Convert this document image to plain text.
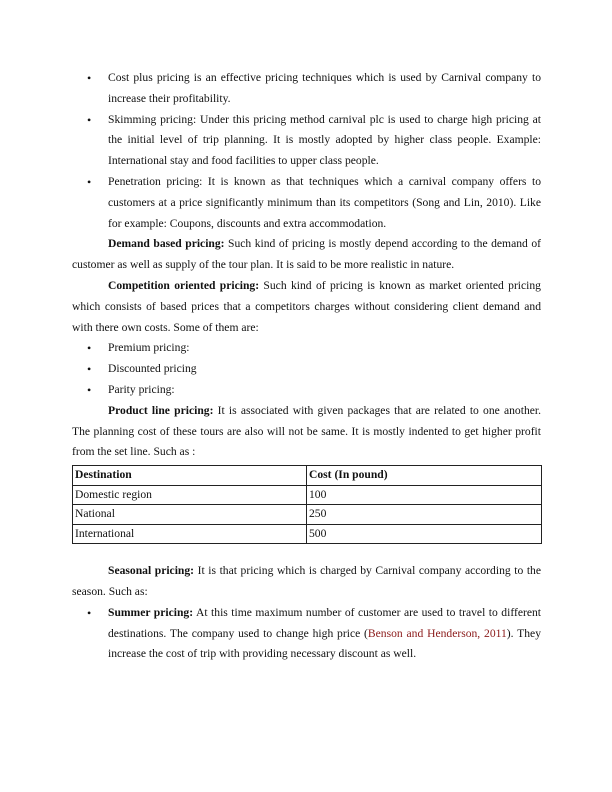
• Cost plus pricing is an effective pricing techniques which is used by Carnival company to increase their profitability.
• Skimming pricing: Under this pricing method carnival plc is used to charge high pricing at the initial level of trip planning. It is mostly adopted by higher class people. Example: International stay and food facilities to upper class people.
• Penetration pricing: It is known as that techniques which a carnival company offers to customers at a price significantly minimum than its competitors (Song and Lin, 2010). Like for example: Coupons, discounts and extra accommodation.

Demand based pricing: Such kind of pricing is mostly depend according to the demand of customer as well as supply of the tour plan. It is said to be more realistic in nature.

Competition oriented pricing: Such kind of pricing is known as market oriented pricing which consists of based prices that a competitors charges without considering client demand and with there own costs. Some of them are:

• Premium pricing:
• Discounted pricing
• Parity pricing:

Product line pricing: It is associated with given packages that are related to one another. The planning cost of these tours are also will not be same. It is mostly indented to get higher profit from the set line. Such as :

Destination	Cost (In pound)
Domestic region	100
National	250
International	500

Seasonal pricing: It is that pricing which is charged by Carnival company according to the season. Such as:

• Summer pricing: At this time maximum number of customer are used to travel to different destinations. The company used to change high price (Benson and Henderson, 2011). They increase the cost of trip with providing necessary discount as well.
